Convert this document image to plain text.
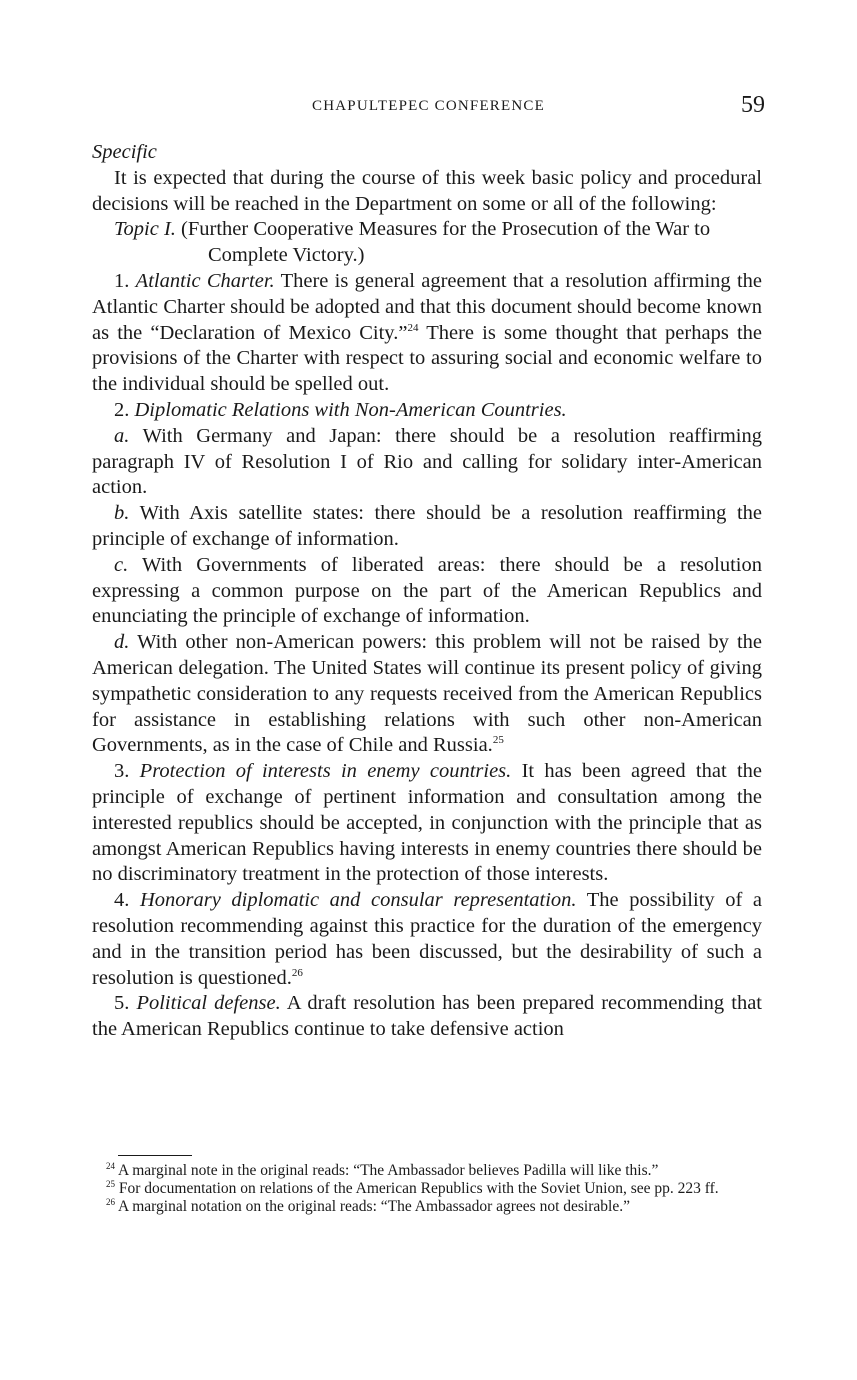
CHAPULTEPEC CONFERENCE	59

Specific

It is expected that during the course of this week basic policy and procedural decisions will be reached in the Department on some or all of the following:

Topic I. (Further Cooperative Measures for the Prosecution of the War to Complete Victory.)

1. Atlantic Charter. There is general agreement that a resolution affirming the Atlantic Charter should be adopted and that this document should become known as the “Declaration of Mexico City.”$^{24}$ There is some thought that perhaps the provisions of the Charter with respect to assuring social and economic welfare to the individual should be spelled out.

2. Diplomatic Relations with Non-American Countries.

a. With Germany and Japan: there should be a resolution reaffirming paragraph IV of Resolution I of Rio and calling for solidary inter-American action.

b. With Axis satellite states: there should be a resolution reaffirming the principle of exchange of information.

c. With Governments of liberated areas: there should be a resolution expressing a common purpose on the part of the American Republics and enunciating the principle of exchange of information.

d. With other non-American powers: this problem will not be raised by the American delegation. The United States will continue its present policy of giving sympathetic consideration to any requests received from the American Republics for assistance in establishing relations with such other non-American Governments, as in the case of Chile and Russia.$^{25}$

3. Protection of interests in enemy countries. It has been agreed that the principle of exchange of pertinent information and consultation among the interested republics should be accepted, in conjunction with the principle that as amongst American Republics having interests in enemy countries there should be no discriminatory treatment in the protection of those interests.

4. Honorary diplomatic and consular representation. The possibility of a resolution recommending against this practice for the duration of the emergency and in the transition period has been discussed, but the desirability of such a resolution is questioned.$^{26}$

5. Political defense. A draft resolution has been prepared recommending that the American Republics continue to take defensive action

$^{24}$ A marginal note in the original reads: “The Ambassador believes Padilla will like this.”

$^{25}$ For documentation on relations of the American Republics with the Soviet Union, see pp. 223 ff.

$^{26}$ A marginal notation on the original reads: “The Ambassador agrees not desirable.”
